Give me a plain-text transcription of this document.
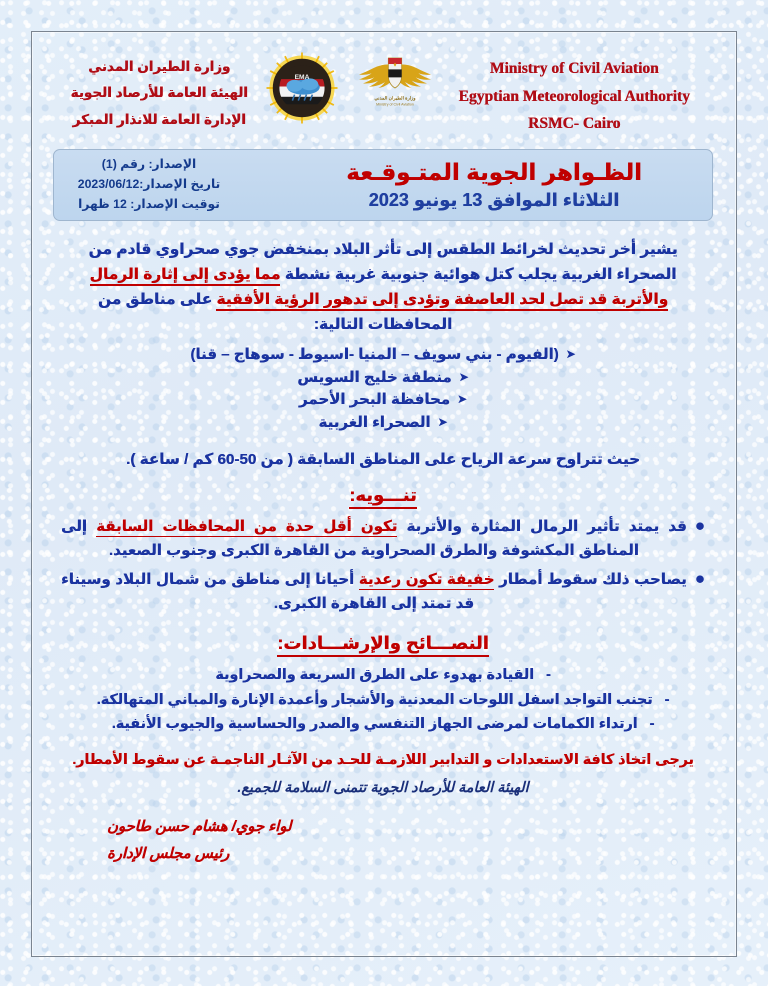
وزارة الطيران المدني
الهيئة العامة للأرصاد الجوية
الإدارة العامة للانذار المبكر
EMA
وزارة الطيران المدني
Ministry of Civil Aviation
Ministry of Civil Aviation
Egyptian Meteorological Authority
RSMC- Cairo
الإصدار: رقم (1)
تاريخ الإصدار:2023/06/12
توقيت الإصدار: 12 ظهرا
الظـواهر الجوية المتـوقـعة
الثلاثاء الموافق 13 يونيو 2023
يشير أخر تحديث لخرائط الطقس إلى تأثر البلاد بمنخفض جوي صحراوي قادم من الصحراء الغربية يجلب كتل هوائية جنوبية غربية نشطة مما يؤدى إلى إثارة الرمال والأتربة قد تصل لحد العاصفة وتؤدى إلى تدهور الرؤية الأفقية على مناطق من المحافظات التالية:
➤
(الفيوم - بني سويف – المنيا -اسيوط - سوهاج – قنا)
➤
منطقة خليج السويس
➤
محافظة البحر الأحمر
➤
الصحراء الغربية
حيث تتراوح سرعة الرياح على المناطق السابقة ( من 50-60 كم / ساعة ).
تنـــويه:
●
قد يمتد تأثير الرمال المثارة والأتربة تكون أقل حدة من المحافظات السابقة إلى المناطق المكشوفة والطرق الصحراوية من القاهرة الكبرى وجنوب الصعيد.
●
يصاحب ذلك سقوط أمطار خفيفة تكون رعدية أحيانا إلى مناطق من شمال البلاد وسيناء قد تمتد إلى القاهرة الكبرى.
النصـــائح والإرشـــادات:
- القيادة بهدوء على الطرق السريعة والصحراوية
- تجنب التواجد اسفل اللوحات المعدنية والأشجار وأعمدة الإنارة والمباني المتهالكة.
- ارتداء الكمامات لمرضى الجهاز التنفسي والصدر والحساسية والجيوب الأنفية.
يرجى اتخاذ كافة الاستعدادات و التدابير اللازمـة للحـد من الآثـار الناجمـة عن سقوط الأمطار.
الهيئة العامة للأرصاد الجوية تتمنى السلامة للجميع.
لواء جوي/ هشام حسن طاحون
رئيس مجلس الإدارة
